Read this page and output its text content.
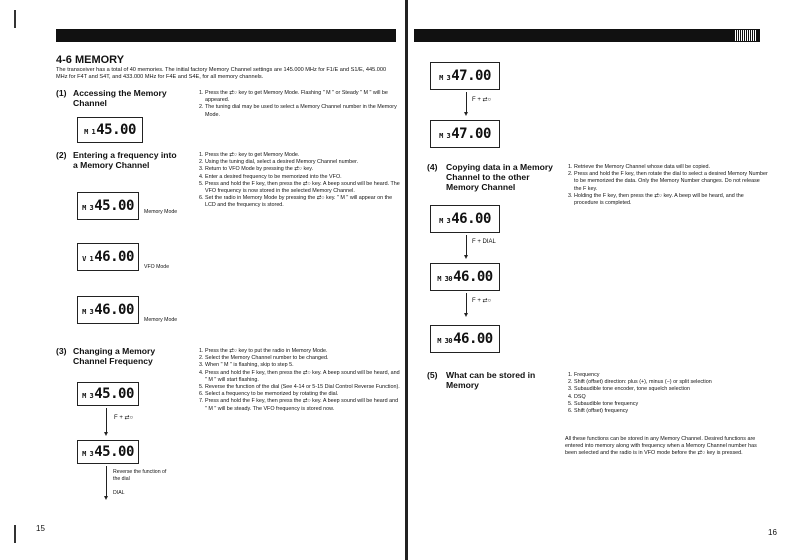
4-6 MEMORY
The transceiver has a total of 40 memories. The initial factory Memory Channel settings are 145.000 MHz for F1/E and S1/E, 445.000 MHz for F4T and S4T, and 433.000 MHz for F4E and S4E, for all memory channels.
(1) Accessing the Memory Channel
1. Press the ⇄○ key to get Memory Mode. Flashing " M " or Steady " M " will be appeared.
2. The tuning dial may be used to select a Memory Channel number in the Memory Mode.
M 1 45.00
(2) Entering a frequency into a Memory Channel
1. Press the ⇄○ key to get Memory Mode.
2. Using the tuning dial, select a desired Memory Channel number.
3. Return to VFO Mode by pressing the ⇄○ key.
4. Enter a desired frequency to be memorized into the VFO.
5. Press and hold the F key, then press the ⇄○ key. A beep sound will be heard. The VFO frequency is now stored in the selected Memory Channel.
6. Set the radio in Memory Mode by pressing the ⇄○ key. " M " will appear on the LCD and the frequency is stored.
M 3 45.00 Memory Mode
V 1 46.00
VFO Mode
M 3 46.00
Memory Mode
(3) Changing a Memory Channel Frequency
1. Press the ⇄○ key to put the radio in Memory Mode.
2. Select the Memory Channel number to be changed.
3. When " M " is flashing, skip to step 5.
4. Press and hold the F key, then press the ⇄○ key. A beep sound will be heard, and " M " will start flashing.
5. Reverse the function of the dial (See 4-14 or 5-15 Dial Control Reverse Function).
6. Select a frequency to be memorized by rotating the dial.
7. Press and hold the F key, then press the ⇄○ key. A beep sound will be heard and " M " will be steady. The VFO frequency is stored now.
M 3 45.00
F + ⇄○
M 3 45.00
Reverse the function of the dial
DIAL
15
M 3 47.00
F + ⇄○
M 3 47.00
(4) Copying data in a Memory Channel to the other Memory Channel
1. Retrieve the Memory Channel whose data will be copied.
2. Press and hold the F key, then rotate the dial to select a desired Memory Number to be memorized the data. Only the Memory Number changes. Do not release the F key.
3. Holding the F key, then press the ⇄○ key. A beep will be heard, and the procedure is completed.
M 3 46.00
F + DIAL
M 30 46.00
F + ⇄○
M 30 46.00
(5) What can be stored in Memory
1. Frequency
2. Shift (offset) direction: plus (+), minus (−) or split selection
3. Subaudible tone encoder, tone squelch selection
4. DSQ
5. Subaudible tone frequency
6. Shift (offset) frequency
All these functions can be stored in any Memory Channel. Desired functions are entered into memory along with frequency when a Memory Channel number has been selected and the radio is in VFO mode before the ⇄○ key is pressed.
16
